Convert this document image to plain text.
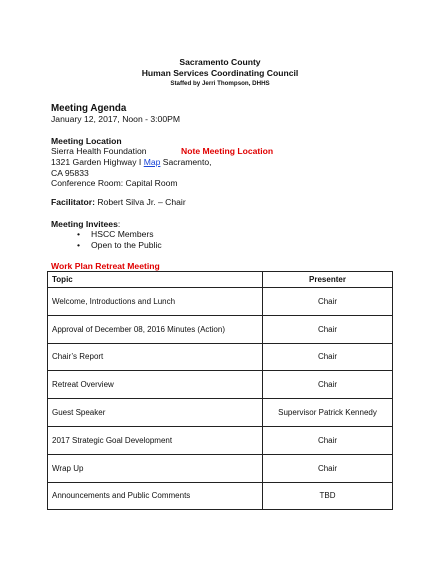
Sacramento County
Human Services Coordinating Council
Staffed by Jerri Thompson, DHHS
Meeting Agenda
January 12, 2017, Noon - 3:00PM
Meeting Location
Sierra Health Foundation	Note Meeting Location
1321 Garden Highway I Map Sacramento,
CA 95833
Conference Room: Capital Room
Facilitator: Robert Silva Jr. – Chair
Meeting Invitees:
• HSCC Members
• Open to the Public
Work Plan Retreat Meeting
Topic	Presenter
Welcome, Introductions and Lunch	Chair
Approval of December 08, 2016 Minutes (Action)	Chair
Chair’s Report	Chair
Retreat Overview	Chair
Guest Speaker	Supervisor Patrick Kennedy
2017 Strategic Goal Development	Chair
Wrap Up	Chair
Announcements and Public Comments	TBD
